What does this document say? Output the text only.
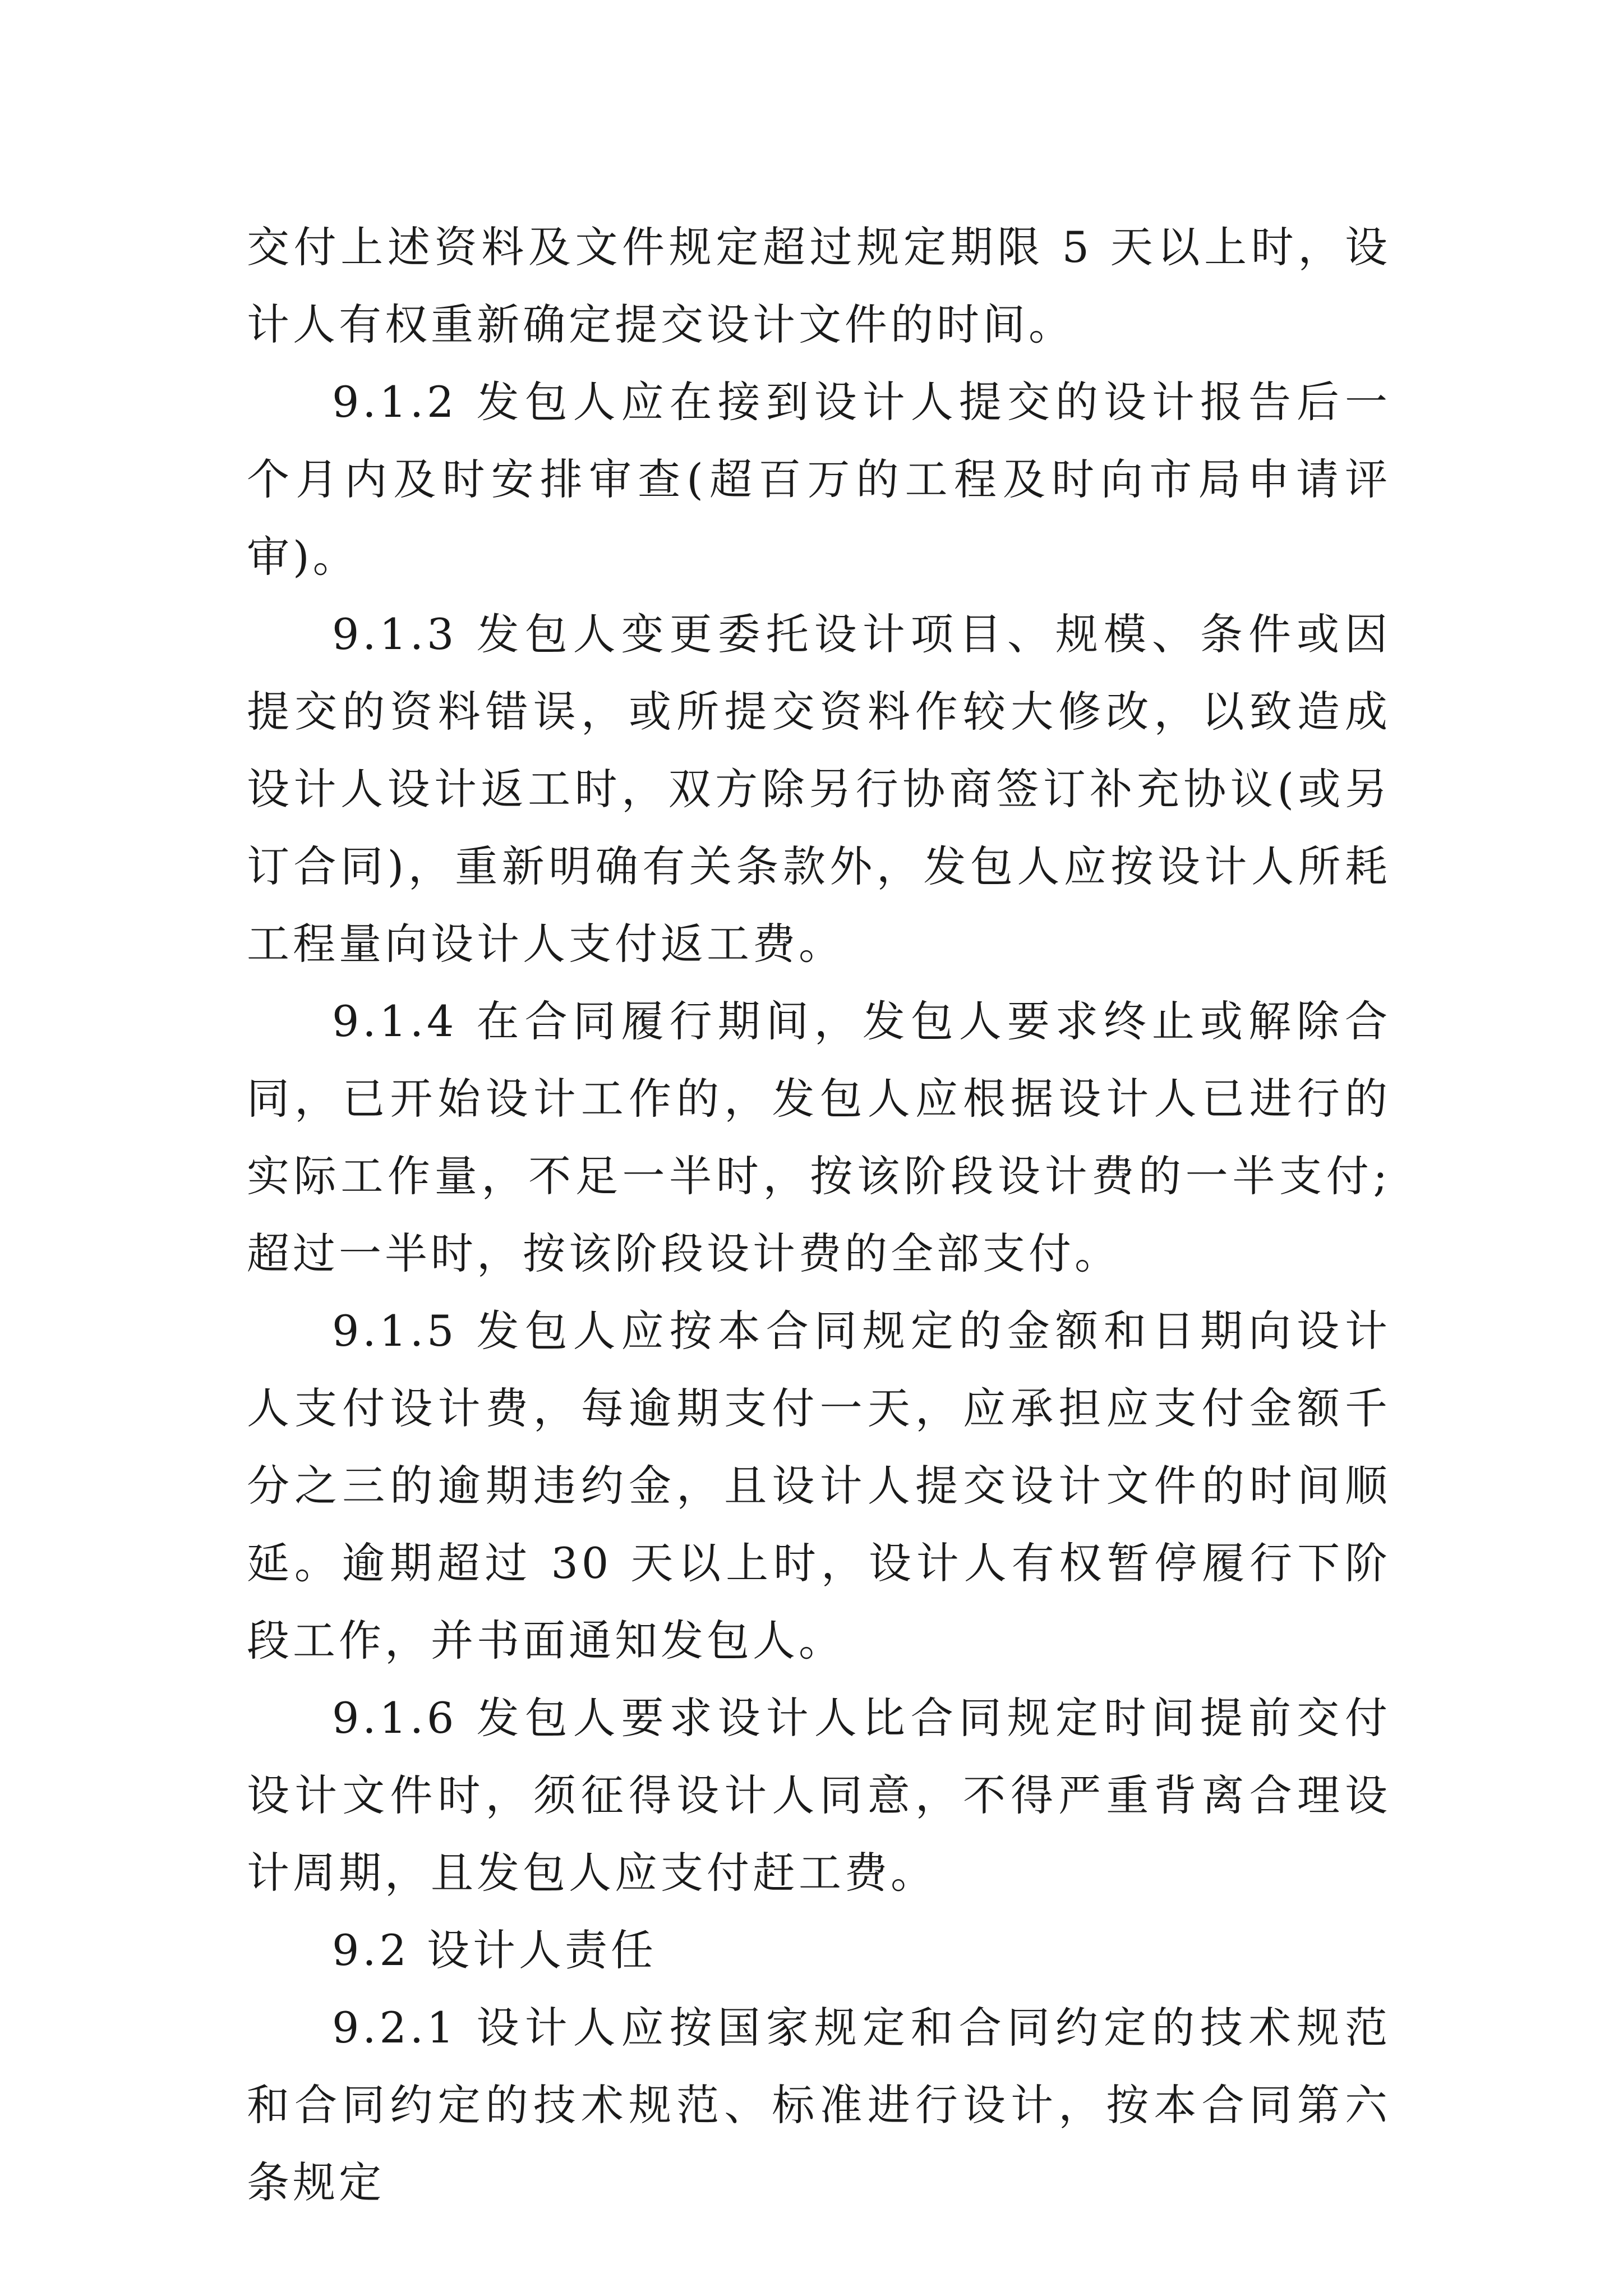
交付上述资料及文件规定超过规定期限 5 天以上时，设计人有权重新确定提交设计文件的时间。

9.1.2 发包人应在接到设计人提交的设计报告后一个月内及时安排审查(超百万的工程及时向市局申请评审)。

9.1.3 发包人变更委托设计项目、规模、条件或因提交的资料错误，或所提交资料作较大修改，以致造成设计人设计返工时，双方除另行协商签订补充协议(或另订合同)，重新明确有关条款外，发包人应按设计人所耗工程量向设计人支付返工费。

9.1.4 在合同履行期间，发包人要求终止或解除合同，已开始设计工作的，发包人应根据设计人已进行的实际工作量，不足一半时，按该阶段设计费的一半支付;超过一半时，按该阶段设计费的全部支付。

9.1.5 发包人应按本合同规定的金额和日期向设计人支付设计费，每逾期支付一天，应承担应支付金额千分之三的逾期违约金，且设计人提交设计文件的时间顺延。逾期超过 30 天以上时，设计人有权暂停履行下阶段工作，并书面通知发包人。

9.1.6 发包人要求设计人比合同规定时间提前交付设计文件时，须征得设计人同意，不得严重背离合理设计周期，且发包人应支付赶工费。

9.2 设计人责任

9.2.1 设计人应按国家规定和合同约定的技术规范和合同约定的技术规范、标准进行设计，按本合同第六条规定
